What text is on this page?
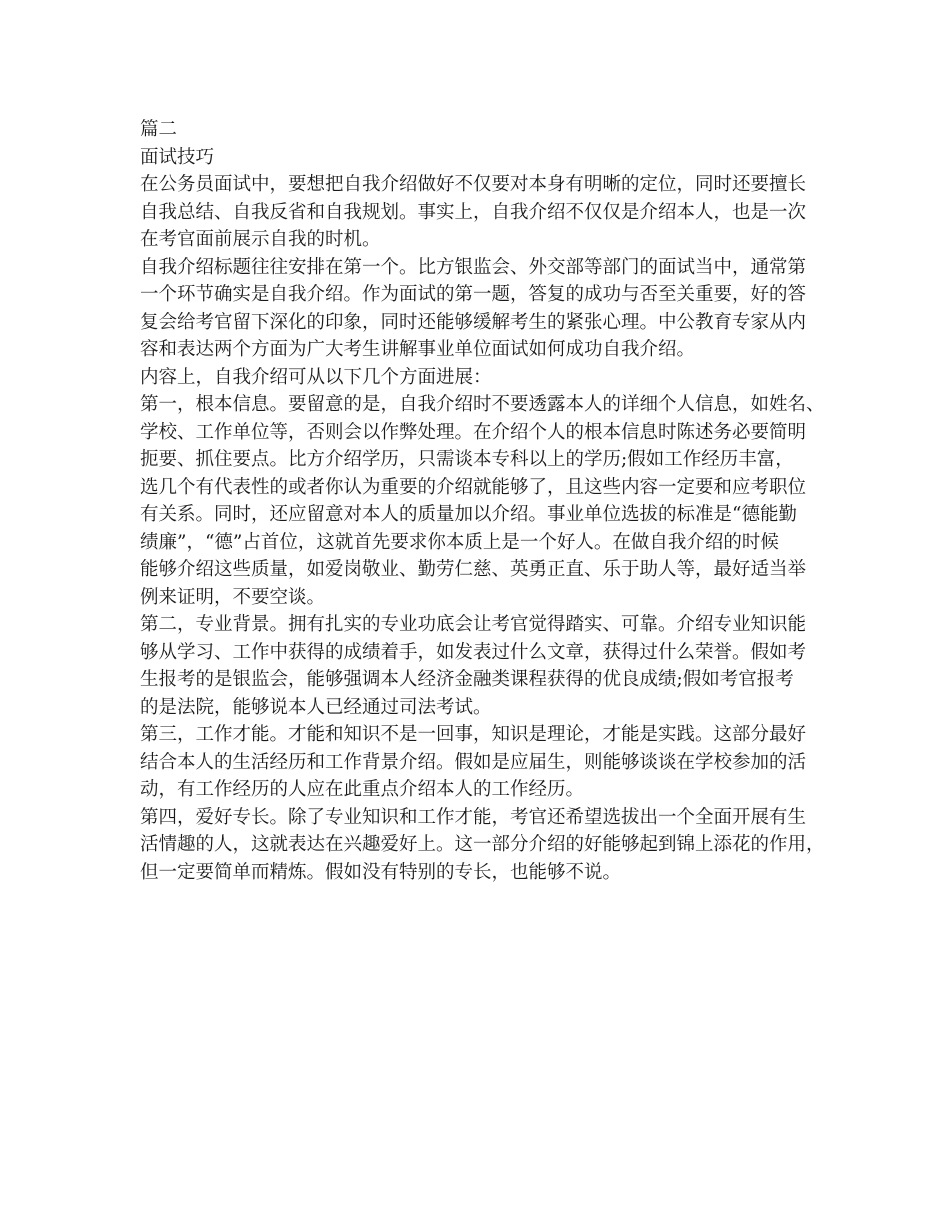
篇二

面试技巧

在公务员面试中，要想把自我介绍做好不仅要对本身有明晰的定位，同时还要擅长

自我总结、自我反省和自我规划。事实上，自我介绍不仅仅是介绍本人，也是一次

在考官面前展示自我的时机。

自我介绍标题往往安排在第一个。比方银监会、外交部等部门的面试当中，通常第

一个环节确实是自我介绍。作为面试的第一题，答复的成功与否至关重要，好的答

复会给考官留下深化的印象，同时还能够缓解考生的紧张心理。中公教育专家从内

容和表达两个方面为广大考生讲解事业单位面试如何成功自我介绍。

内容上，自我介绍可从以下几个方面进展：

第一，根本信息。要留意的是，自我介绍时不要透露本人的详细个人信息，如姓名、

学校、工作单位等，否则会以作弊处理。在介绍个人的根本信息时陈述务必要简明

扼要、抓住要点。比方介绍学历，只需谈本专科以上的学历;假如工作经历丰富，

选几个有代表性的或者你认为重要的介绍就能够了，且这些内容一定要和应考职位

有关系。同时，还应留意对本人的质量加以介绍。事业单位选拔的标准是“德能勤

绩廉”，“德”占首位，这就首先要求你本质上是一个好人。在做自我介绍的时候

能够介绍这些质量，如爱岗敬业、勤劳仁慈、英勇正直、乐于助人等，最好适当举

例来证明，不要空谈。

第二，专业背景。拥有扎实的专业功底会让考官觉得踏实、可靠。介绍专业知识能

够从学习、工作中获得的成绩着手，如发表过什么文章，获得过什么荣誉。假如考

生报考的是银监会，能够强调本人经济金融类课程获得的优良成绩;假如考官报考

的是法院，能够说本人已经通过司法考试。

第三，工作才能。才能和知识不是一回事，知识是理论，才能是实践。这部分最好

结合本人的生活经历和工作背景介绍。假如是应届生，则能够谈谈在学校参加的活

动，有工作经历的人应在此重点介绍本人的工作经历。

第四，爱好专长。除了专业知识和工作才能，考官还希望选拔出一个全面开展有生

活情趣的人，这就表达在兴趣爱好上。这一部分介绍的好能够起到锦上添花的作用，

但一定要简单而精炼。假如没有特别的专长，也能够不说。
